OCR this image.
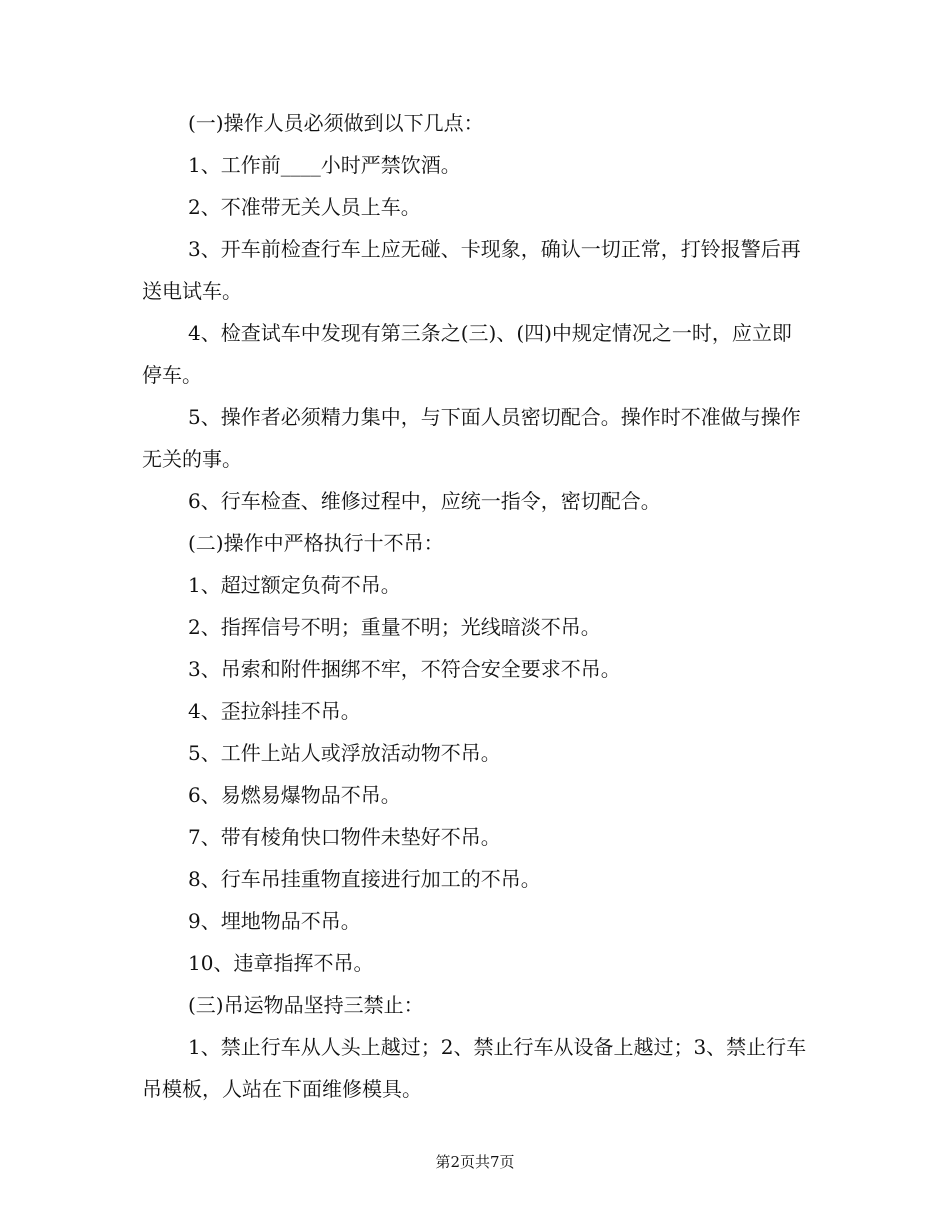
(一)操作人员必须做到以下几点：

1、工作前____小时严禁饮酒。

2、不准带无关人员上车。

3、开车前检查行车上应无碰、卡现象，确认一切正常，打铃报警后再送电试车。

4、检查试车中发现有第三条之(三)、(四)中规定情况之一时，应立即停车。

5、操作者必须精力集中，与下面人员密切配合。操作时不准做与操作无关的事。

6、行车检查、维修过程中，应统一指令，密切配合。

(二)操作中严格执行十不吊：

1、超过额定负荷不吊。

2、指挥信号不明；重量不明；光线暗淡不吊。

3、吊索和附件捆绑不牢，不符合安全要求不吊。

4、歪拉斜挂不吊。

5、工件上站人或浮放活动物不吊。

6、易燃易爆物品不吊。

7、带有棱角快口物件未垫好不吊。

8、行车吊挂重物直接进行加工的不吊。

9、埋地物品不吊。

10、违章指挥不吊。

(三)吊运物品坚持三禁止：

1、禁止行车从人头上越过；2、禁止行车从设备上越过；3、禁止行车吊模板，人站在下面维修模具。

第2页共7页
